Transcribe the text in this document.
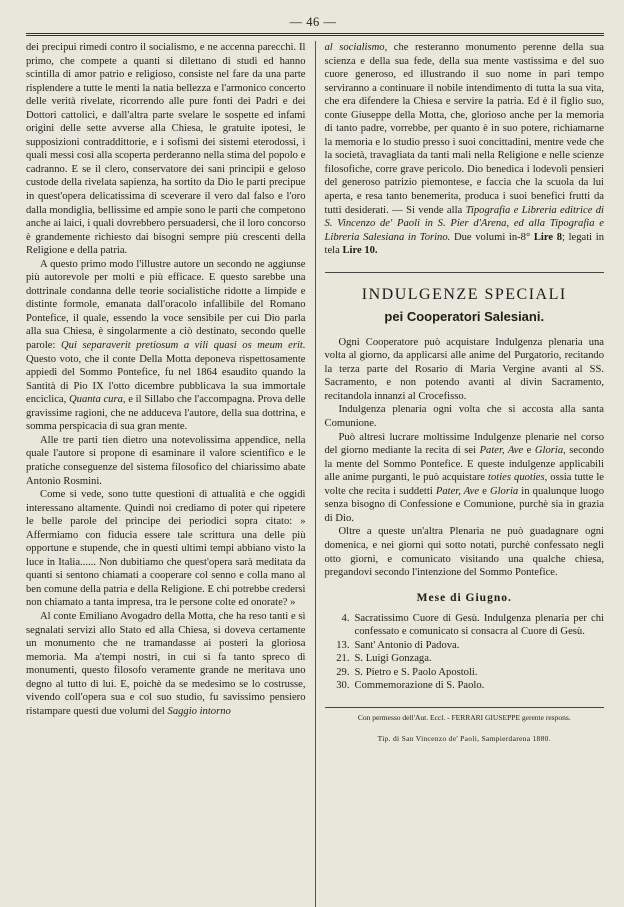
— 46 —

dei precipui rimedi contro il socialismo, e ne accenna parecchi. Il primo, che compete a quanti si dilettano di studi ed hanno scintilla di amor patrio e religioso, consiste nel fare da una parte risplendere a tutte le menti la natia bellezza e l'armonico concerto delle verità rivelate, ricorrendo alle pure fonti dei Padri e dei Dottori cattolici, e dall'altra parte svelare le sospette ed infami origini delle sette avverse alla Chiesa, le gratuite ipotesi, le supposizioni contraddittorie, e i sofismi dei sistemi eterodossi, i quali messi così alla scoperta perderanno nella stima del popolo e cadranno. E se il clero, conservatore dei sani principii e geloso custode della rivelata sapienza, ha sortito da Dio le parti precipue in quest'opera delicatissima di sceverare il vero dal falso e l'oro dalla mondiglia, bellissime ed ampie sono le parti che competono anche ai laici, i quali dovrebbero persuadersi, che il loro concorso è grandemente richiesto dai bisogni sempre più crescenti della Religione e della patria.

A questo primo modo l'illustre autore un secondo ne aggiunse più autorevole per molti e più efficace. E questo sarebbe una dottrinale condanna delle teorie socialistiche ridotte a limpide e distinte formole, emanata dall'oracolo infallibile del Romano Pontefice, il quale, essendo la voce sensibile per cui Dio parla alla sua Chiesa, è singolarmente a ciò destinato, secondo quelle parole: Qui separaverit pretiosum a vili quasi os meum erit. Questo voto, che il conte Della Motta deponeva rispettosamente appiedi del Sommo Pontefice, fu nel 1864 esaudito quando la Santità di Pio IX l'otto dicembre pubblicava la sua immortale enciclica, Quanta cura, e il Sillabo che l'accompagna. Prova delle gravissime ragioni, che ne adduceva l'autore, della sua dottrina, e somma perspicacia di sua gran mente.

Alle tre parti tien dietro una notevolissima appendice, nella quale l'autore si propone di esaminare il valore scientifico e le pratiche conseguenze del sistema filosofico del chiarissimo abate Antonio Rosmini.

Come si vede, sono tutte questioni di attualità e che oggidì interessano altamente. Quindi noi crediamo di poter qui ripetere le belle parole del principe dei periodici sopra citato: » Affermiamo con fiducia essere tale scrittura una delle più opportune e stupende, che in questi ultimi tempi abbiano visto la luce in Italia...... Non dubitiamo che quest'opera sarà meditata da quanti si sentono chiamati a cooperare col senno e colla mano al ben comune della patria e della Religione. E chi potrebbe credersi non chiamato a tanta impresa, tra le persone colte ed onorate? »

Al conte Emiliano Avogadro della Motta, che ha reso tanti e sì segnalati servizi allo Stato ed alla Chiesa, si doveva certamente un monumento che ne tramandasse ai posteri la gloriosa memoria. Ma a'tempi nostri, in cui si fa tanto spreco di monumenti, questo filosofo veramente grande ne meritava uno degno al tutto di lui. E, poichè da se medesimo se lo costrusse, vivendo coll'opera sua e col suo studio, fu savissimo pensiero ristampare questi due volumi del Saggio intorno

al socialismo, che resteranno monumento perenne della sua scienza e della sua fede, della sua mente vastissima e del suo cuore generoso, ed illustrando il suo nome in pari tempo serviranno a continuare il nobile intendimento di tutta la sua vita, che era difendere la Chiesa e servire la patria. Ed è il figlio suo, conte Giuseppe della Motta, che, glorioso anche per la memoria di tanto padre, vorrebbe, per quanto è in suo potere, richiamarne la memoria e lo studio presso i suoi concittadini, mentre vede che la società, travagliata da tanti mali nella Religione e nelle scienze filosofiche, corre grave pericolo. Dio benedica i lodevoli pensieri del generoso patrizio piemontese, e faccia che la scuola da lui aperta, e resa tanto benemerita, produca i suoi benefici frutti da tutti desiderati. — Si vende alla Tipografia e Libreria editrice di S. Vincenzo de' Paoli in S. Pier d'Arena, ed alla Tipografia e Libreria Salesiana in Torino. Due volumi in-8° Lire 8; legati in tela Lire 10.

INDULGENZE SPECIALI
pei Cooperatori Salesiani.

Ogni Cooperatore può acquistare Indulgenza plenaria una volta al giorno, da applicarsi alle anime del Purgatorio, recitando la terza parte del Rosario di Maria Vergine avanti al SS. Sacramento, e non potendo avanti al divin Sacramento, recitandola innanzi al Crocefisso.

Indulgenza plenaria ogni volta che si accosta alla santa Comunione.

Può altresì lucrare moltissime Indulgenze plenarie nel corso del giorno mediante la recita di sei Pater, Ave e Gloria, secondo la mente del Sommo Pontefice. E queste indulgenze applicabili alle anime purganti, le può acquistare toties quoties, ossia tutte le volte che recita i suddetti Pater, Ave e Gloria in qualunque luogo senza bisogno di Confessione e Comunione, purchè sia in grazia di Dio.

Oltre a queste un'altra Plenaria ne può guadagnare ogni domenica, e nei giorni qui sotto notati, purchè confessato negli otto giorni, e comunicato visitando una qualche chiesa, pregandovi secondo l'intenzione del Sommo Pontefice.

Mese di Giugno.
4. Sacratissimo Cuore di Gesù. Indulgenza plenaria per chi confessato e comunicato si consacra al Cuore di Gesù.
13. Sant' Antonio di Padova.
21. S. Luigi Gonzaga.
29. S. Pietro e S. Paolo Apostoli.
30. Commemorazione di S. Paolo.
Con permesso dell'Aut. Eccl. - FERRARI GIUSEPPE gerente respons.
Tip. di San Vincenzo de' Paoli, Sampierdarena 1880.
